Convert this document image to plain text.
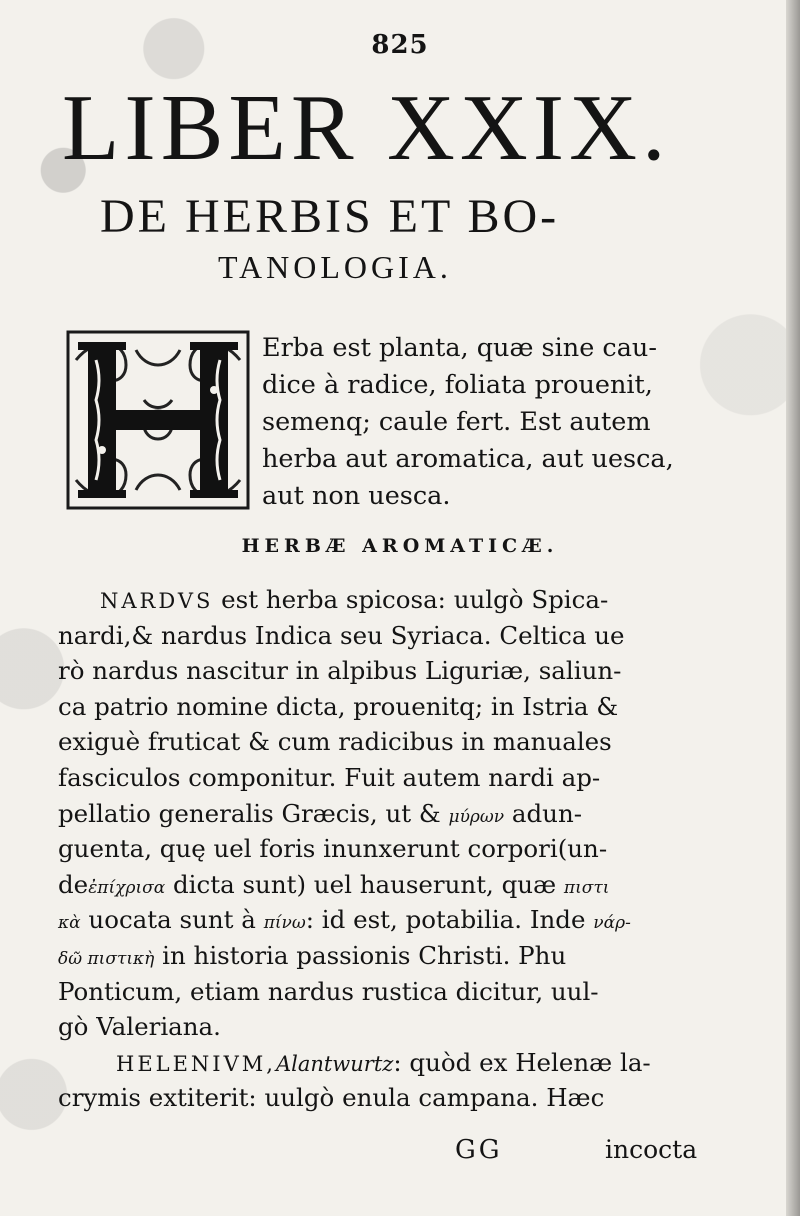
825
LIBER XXIX.
DE HERBIS ET BO-
TANOLOGIA.
Erba est planta, quæ sine cau-
dice à radice, foliata prouenit,
semenq; caule fert. Est autem
herba aut aromatica, aut uesca,
aut non uesca.
HERBÆ AROMATICÆ.
NARDVS est herba spicosa: uulgò Spica-
nardi,& nardus Indica seu Syriaca. Celtica ue
rò nardus nascitur in alpibus Liguriæ, saliun-
ca patrio nomine dicta, prouenitq; in Istria &
exiguè fruticat & cum radicibus in manuales
fasciculos componitur. Fuit autem nardi ap-
pellatio generalis Græcis, ut & μύρων adun-
guenta, quę uel foris inunxerunt corpori(un-
deἐπίχρισα dicta sunt) uel hauserunt, quæ πιστι
κὰ uocata sunt à πίνω: id est, potabilia. Inde νάρ-
δῶ πιστικὴ in historia passionis Christi. Phu
Ponticum, etiam nardus rustica dicitur, uul-
gò Valeriana.
HELENIVM,Alantwurtz: quòd ex Helenæ la-
crymis extiterit: uulgò enula campana. Hæc
GG	incocta
